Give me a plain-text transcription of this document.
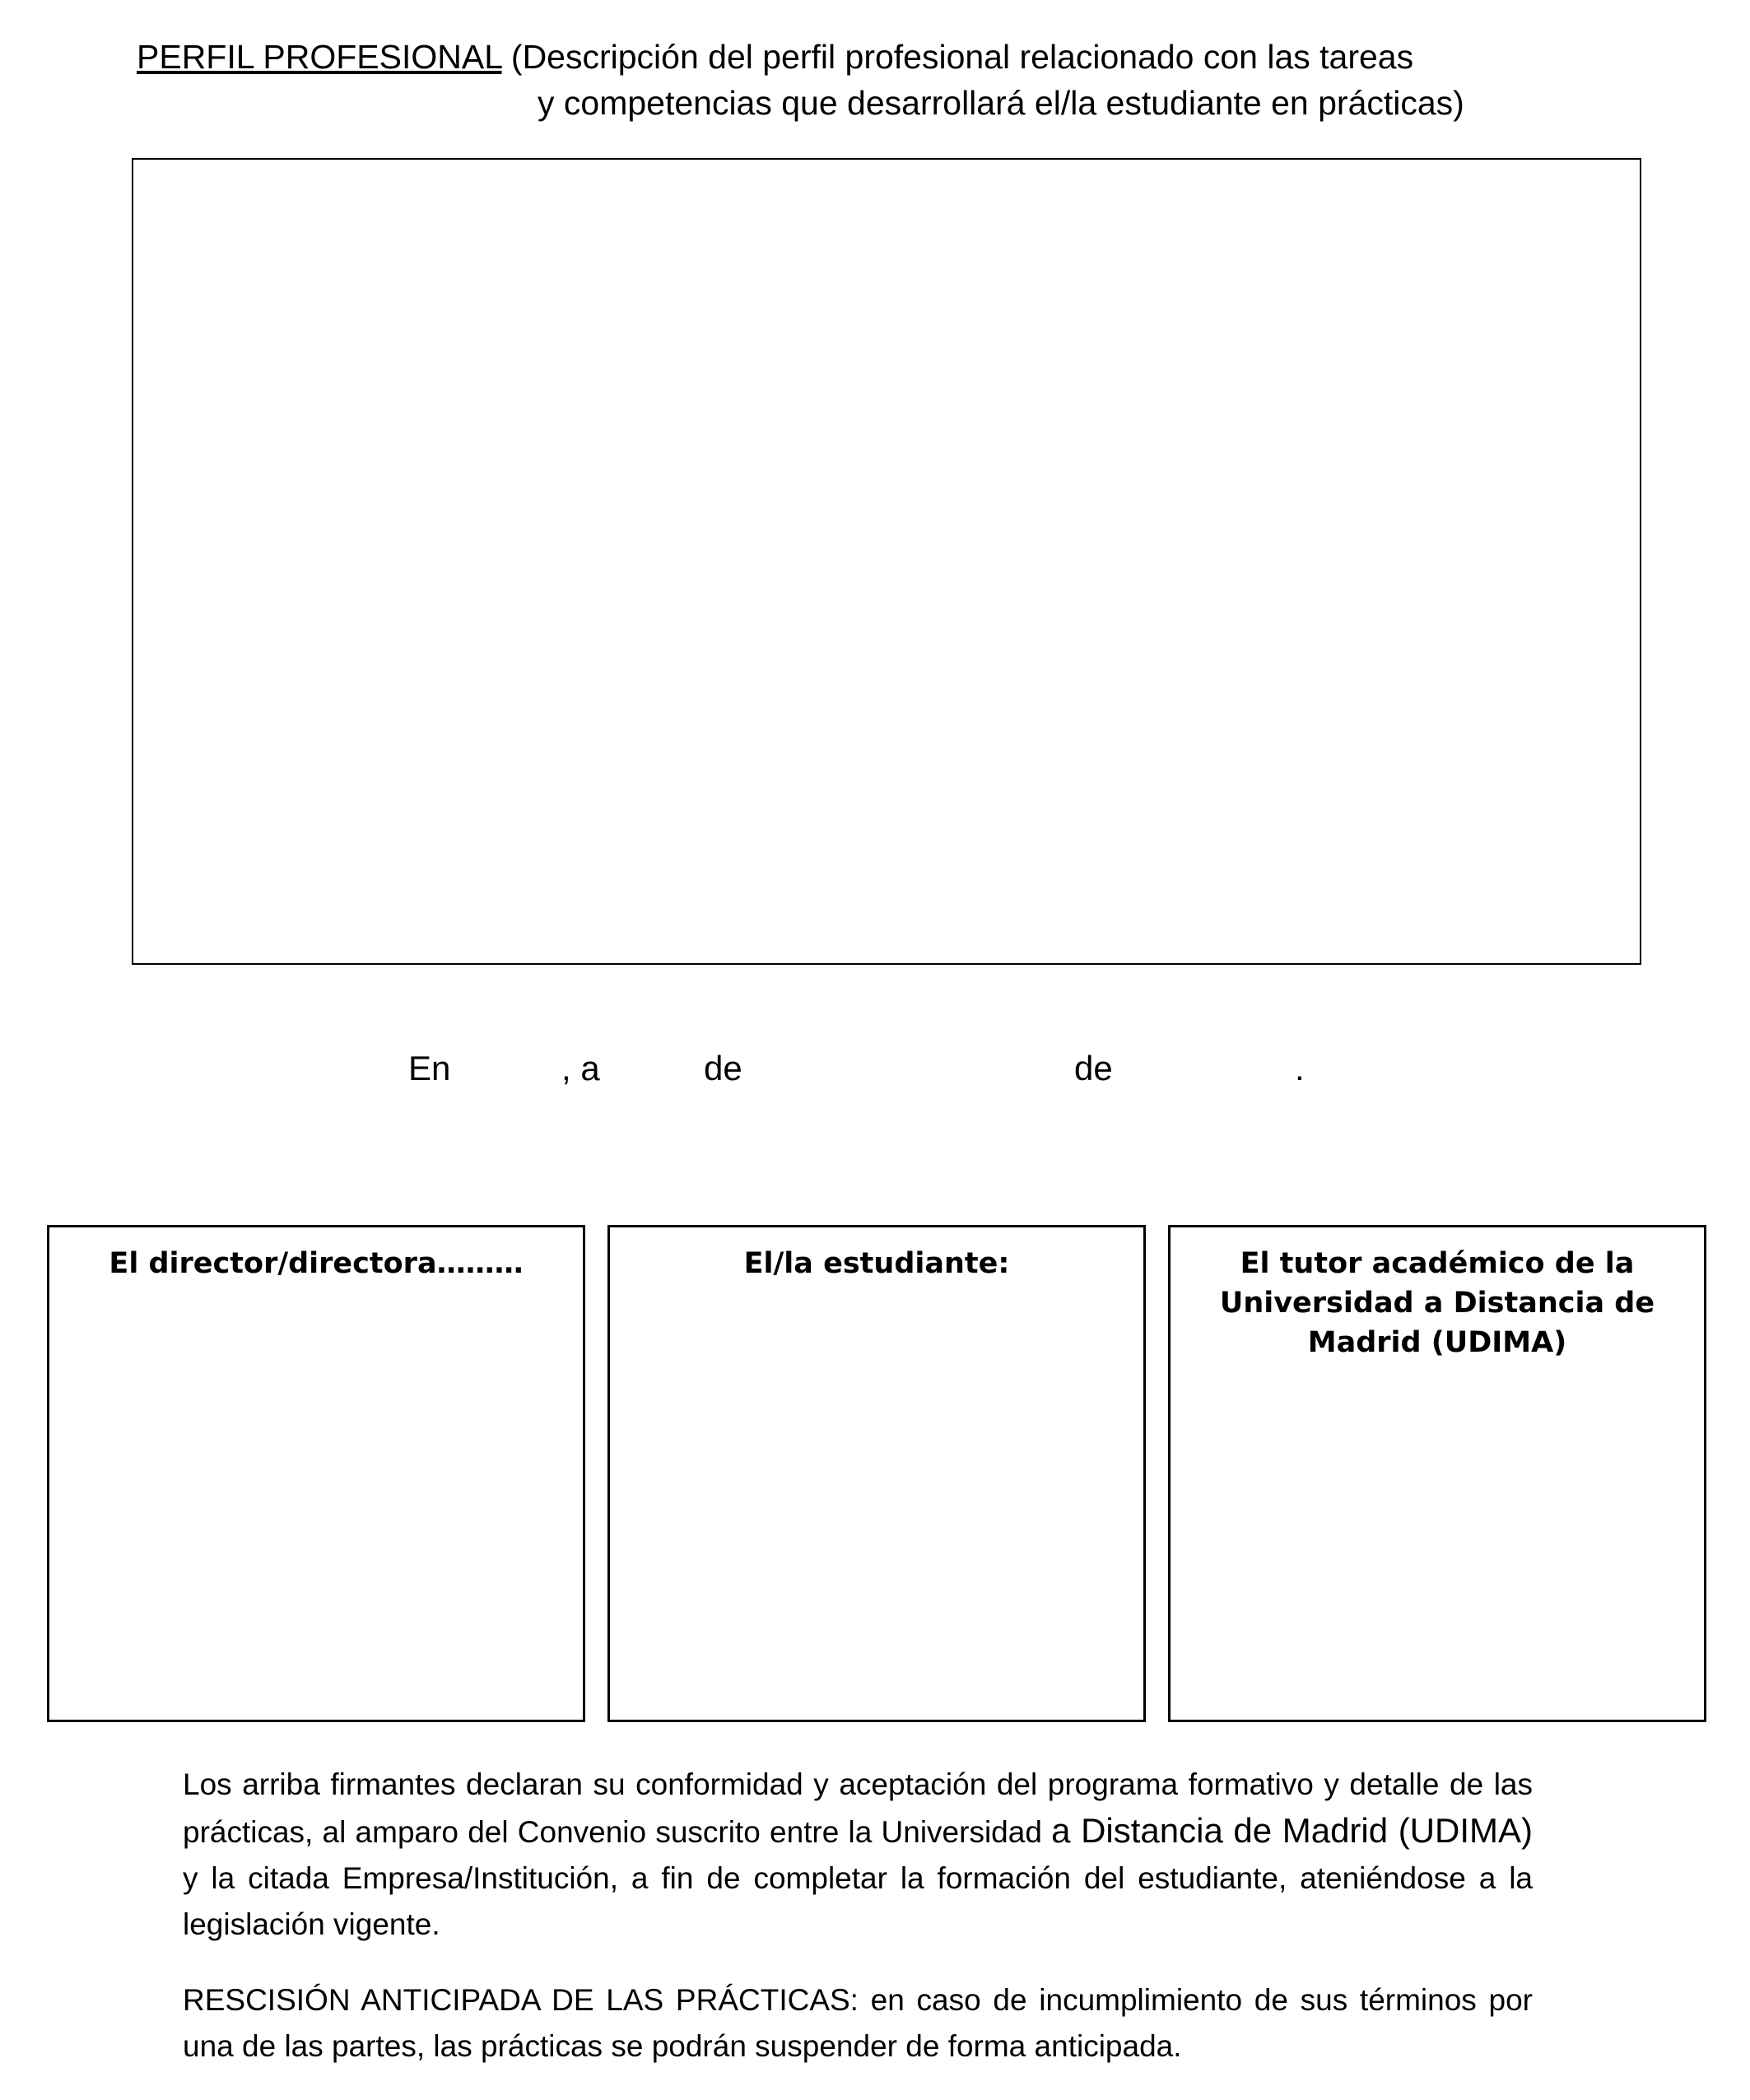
PERFIL PROFESIONAL (Descripción del perfil profesional relacionado con las tareas
y competencias que desarrollará el/la estudiante en prácticas)
En	, a	de	de	.
El director/directora………	El/la estudiante:	El tutor académico de la Universidad a Distancia de Madrid (UDIMA)
Los arriba firmantes declaran su conformidad y aceptación del programa formativo y detalle de las prácticas, al amparo del Convenio suscrito entre la Universidad a Distancia de Madrid (UDIMA) y la citada Empresa/Institución, a fin de completar la formación del estudiante, ateniéndose a la legislación vigente.
RESCISIÓN ANTICIPADA DE LAS PRÁCTICAS: en caso de incumplimiento de sus términos por una de las partes, las prácticas se podrán suspender de forma anticipada.
